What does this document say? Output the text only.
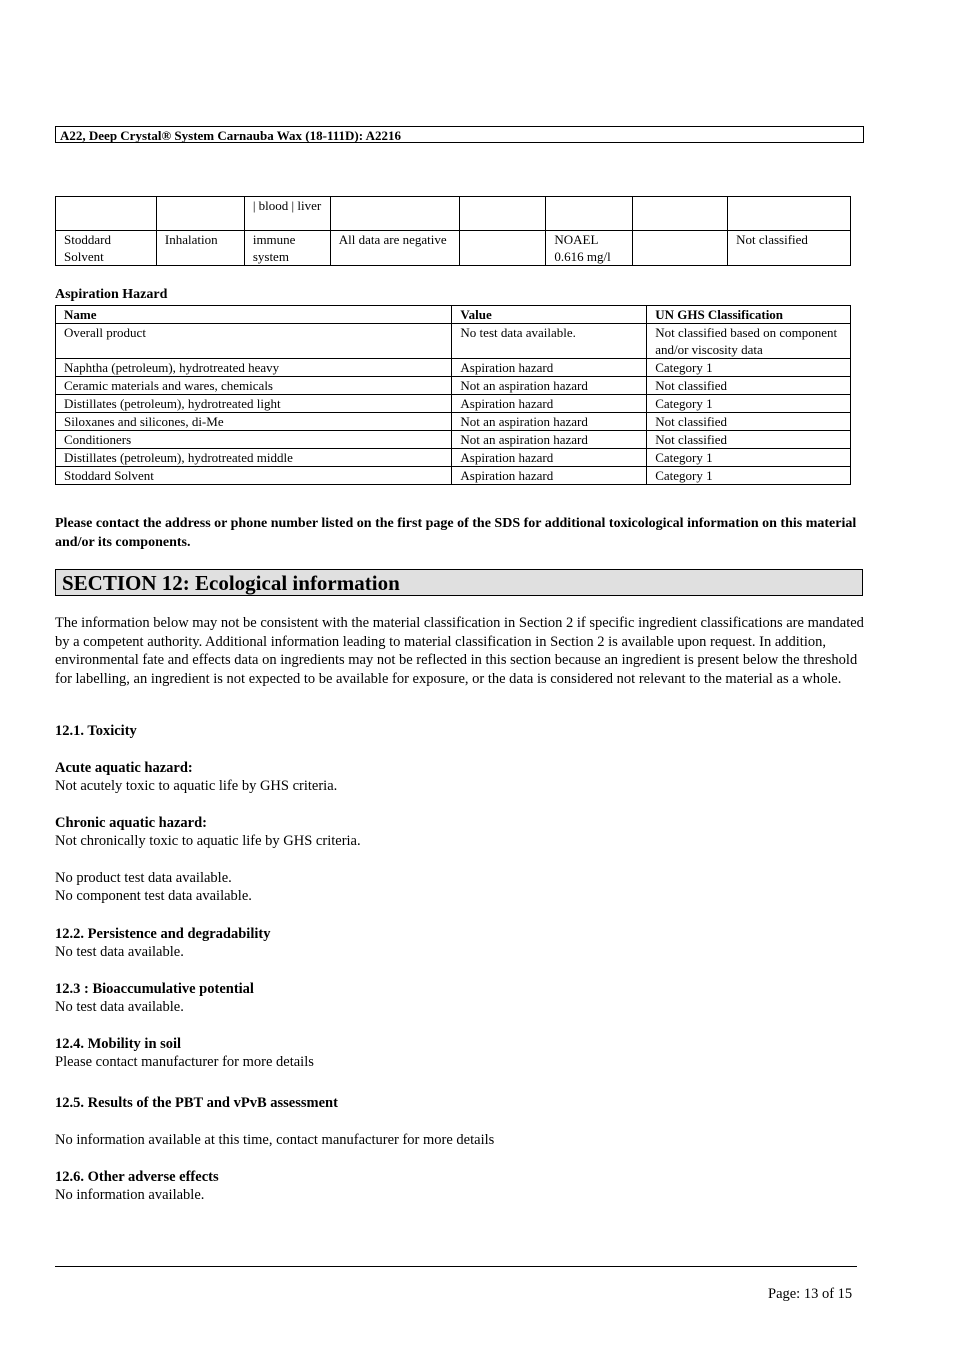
A22, Deep Crystal® System Carnauba Wax (18-111D): A2216
		| blood | liver					
Stoddard Solvent	Inhalation	immune system	All data are negative		NOAEL 0.616 mg/l		Not classified
Aspiration Hazard
Name	Value	UN GHS Classification
Overall product	No test data available.	Not classified based on component and/or viscosity data
Naphtha (petroleum), hydrotreated heavy	Aspiration hazard	Category 1
Ceramic materials and wares, chemicals	Not an aspiration hazard	Not classified
Distillates (petroleum), hydrotreated light	Aspiration hazard	Category 1
Siloxanes and silicones, di-Me	Not an aspiration hazard	Not classified
Conditioners	Not an aspiration hazard	Not classified
Distillates (petroleum), hydrotreated middle	Aspiration hazard	Category 1
Stoddard Solvent	Aspiration hazard	Category 1
Please contact the address or phone number listed on the first page of the SDS for additional toxicological information on this material and/or its components.
SECTION 12: Ecological information
The information below may not be consistent with the material classification in Section 2 if specific ingredient classifications are mandated by a competent authority. Additional information leading to material classification in Section 2 is available upon request. In addition, environmental fate and effects data on ingredients may not be reflected in this section because an ingredient is present below the threshold for labelling, an ingredient is not expected to be available for exposure, or the data is considered not relevant to the material as a whole.
12.1. Toxicity
Acute aquatic hazard:
Not acutely toxic to aquatic life by GHS criteria.
Chronic aquatic hazard:
Not chronically toxic to aquatic life by GHS criteria.
No product test data available.
No component test data available.
12.2. Persistence and degradability
No test data available.
12.3 : Bioaccumulative potential
No test data available.
12.4. Mobility in soil
Please contact manufacturer for more details
12.5. Results of the PBT and vPvB assessment
No information available at this time, contact manufacturer for more details
12.6. Other adverse effects
No information available.
Page: 13 of 15
